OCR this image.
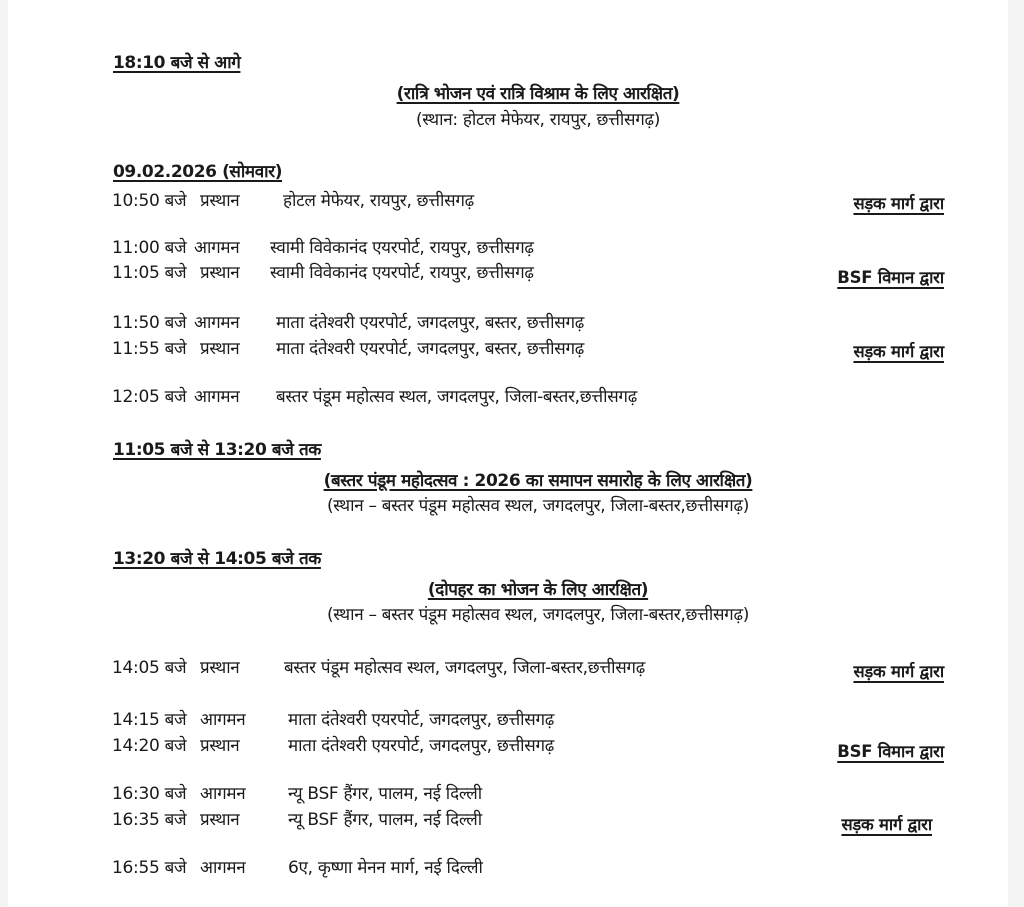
18:10 बजे से आगे
(रात्रि भोजन एवं रात्रि विश्राम के लिए आरक्षित)
(स्थान: होटल मेफेयर, रायपुर, छत्तीसगढ़)
09.02.2026 (सोमवार)
10:50 बजे प्रस्थान	होटल मेफेयर, रायपुर, छत्तीसगढ़	सड़क मार्ग द्वारा
11:00 बजे आगमन स्वामी विवेकानंद एयरपोर्ट, रायपुर, छत्तीसगढ़
11:05 बजे प्रस्थान स्वामी विवेकानंद एयरपोर्ट, रायपुर, छत्तीसगढ़	BSF विमान द्वारा
11:50 बजे आगमन माता दंतेश्वरी एयरपोर्ट, जगदलपुर, बस्तर, छत्तीसगढ़
11:55 बजे प्रस्थान माता दंतेश्वरी एयरपोर्ट, जगदलपुर, बस्तर, छत्तीसगढ़	सड़क मार्ग द्वारा
12:05 बजे आगमन बस्तर पंडूम महोत्सव स्थल, जगदलपुर, जिला-बस्तर,छत्तीसगढ़
11:05 बजे से 13:20 बजे तक
(बस्तर पंडूम महोदत्सव : 2026 का समापन समारोह के लिए आरक्षित)
(स्थान – बस्तर पंडूम महोत्सव स्थल, जगदलपुर, जिला-बस्तर,छत्तीसगढ़)
13:20 बजे से 14:05 बजे तक
(दोपहर का भोजन के लिए आरक्षित)
(स्थान – बस्तर पंडूम महोत्सव स्थल, जगदलपुर, जिला-बस्तर,छत्तीसगढ़)
14:05 बजे प्रस्थान	बस्तर पंडूम महोत्सव स्थल, जगदलपुर, जिला-बस्तर,छत्तीसगढ़	सड़क मार्ग द्वारा
14:15 बजे आगमन	माता दंतेश्वरी एयरपोर्ट, जगदलपुर, छत्तीसगढ़
14:20 बजे प्रस्थान	माता दंतेश्वरी एयरपोर्ट, जगदलपुर, छत्तीसगढ़	BSF विमान द्वारा
16:30 बजे आगमन	न्यू BSF हैंगर, पालम, नई दिल्ली
16:35 बजे प्रस्थान	न्यू BSF हैंगर, पालम, नई दिल्ली	सड़क मार्ग द्वारा
16:55 बजे आगमन	6ए, कृष्णा मेनन मार्ग, नई दिल्ली
